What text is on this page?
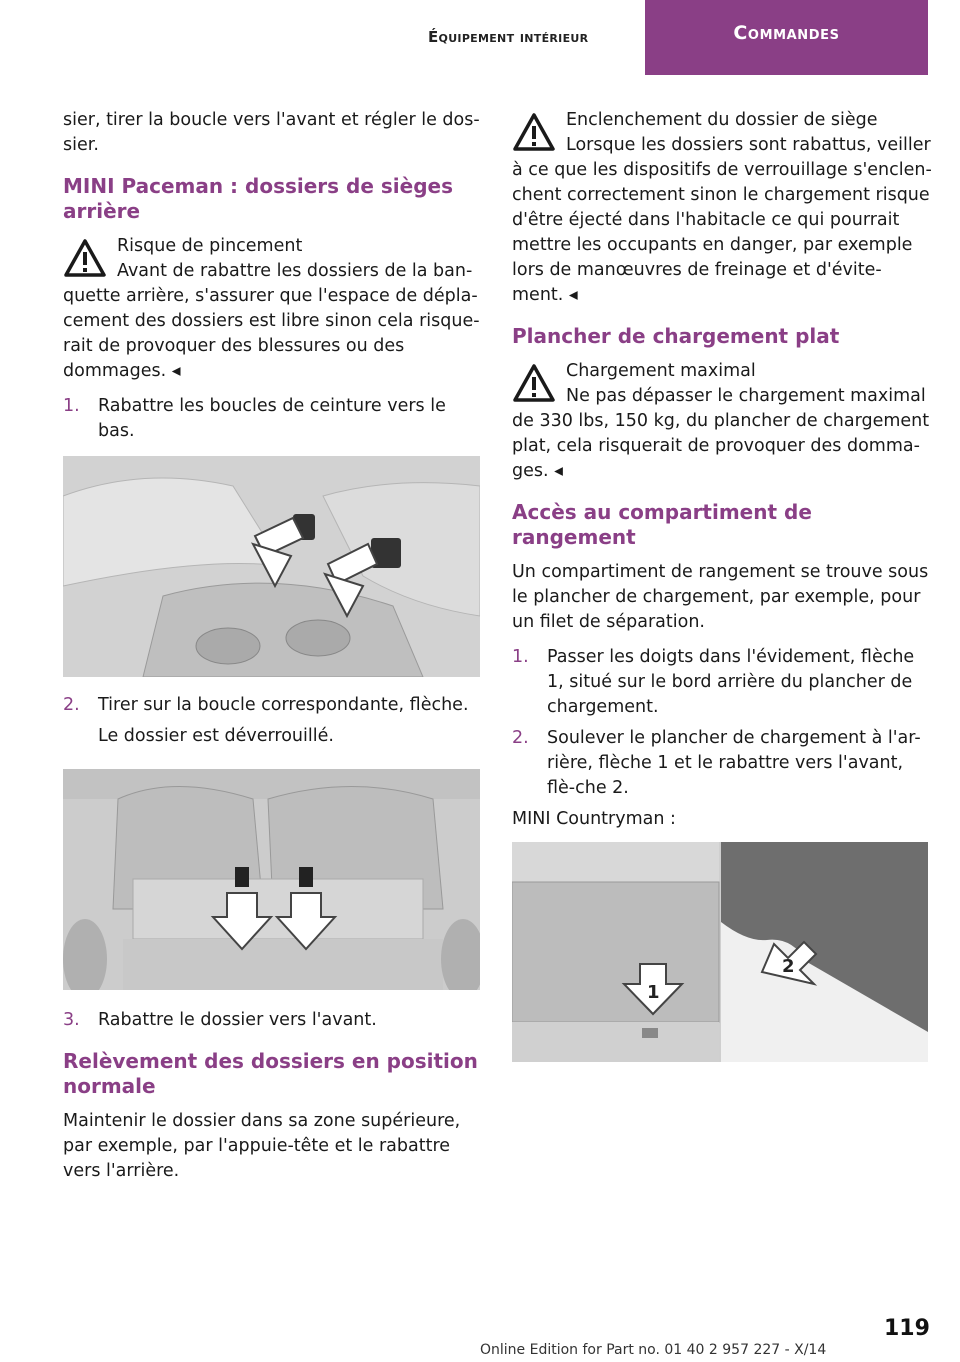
Équipement intérieur	Commandes

sier, tirer la boucle vers l'avant et régler le dos-sier.

MINI Paceman : dossiers de sièges arrière
Risque de pincement
Avant de rabattre les dossiers de la ban-quette arrière, s'assurer que l'espace de dépla-cement des dossiers est libre sinon cela risque-rait de provoquer des blessures ou des dommages. ◂
1.	Rabattre les boucles de ceinture vers le bas.
2.	Tirer sur la boucle correspondante, flèche.
Le dossier est déverrouillé.
3.	Rabattre le dossier vers l'avant.
Relèvement des dossiers en position normale

Maintenir le dossier dans sa zone supérieure, par exemple, par l'appuie-tête et le rabattre vers l'arrière.

Enclenchement du dossier de siège
Lorsque les dossiers sont rabattus, veiller à ce que les dispositifs de verrouillage s'enclen-chent correctement sinon le chargement risque d'être éjecté dans l'habitacle ce qui pourrait mettre les occupants en danger, par exemple lors de manœuvres de freinage et d'évite-ment. ◂
Plancher de chargement plat
Chargement maximal
Ne pas dépasser le chargement maximal de 330 lbs, 150 kg, du plancher de chargement plat, cela risquerait de provoquer des domma-ges. ◂
Accès au compartiment de rangement

Un compartiment de rangement se trouve sous le plancher de chargement, par exemple, pour un filet de séparation.

1.	Passer les doigts dans l'évidement, flèche 1, situé sur le bord arrière du plancher de chargement.
2.	Soulever le plancher de chargement à l'ar-rière, flèche 1 et le rabattre vers l'avant, flè-che 2.

MINI Countryman :

1
2
119
Online Edition for Part no. 01 40 2 957 227 - X/14
